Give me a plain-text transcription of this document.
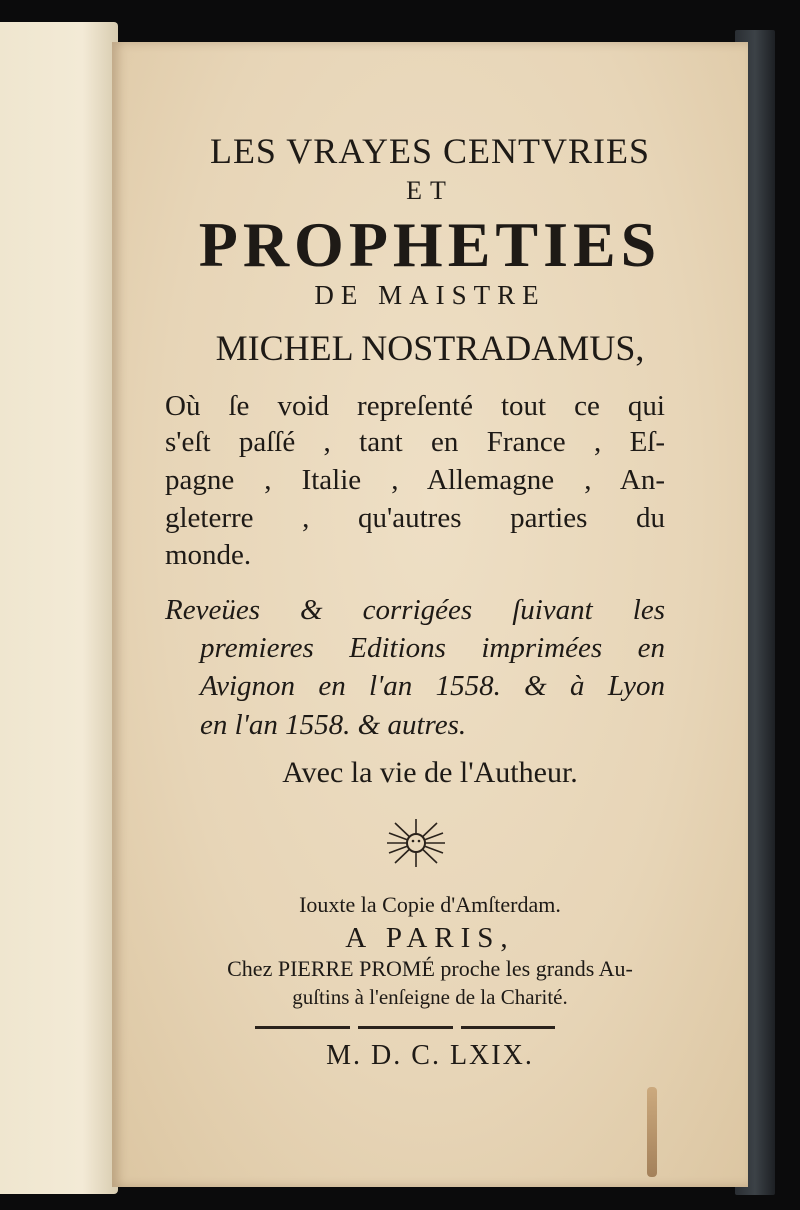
LES VRAYES CENTVRIES
ET
PROPHETIES
DE MAISTRE
MICHEL NOSTRADAMUS,
Où ſe void repreſenté tout ce qui
s'eſt paſſé , tant en France , Eſ-
pagne , Italie , Allemagne , An-
gleterre , qu'autres parties du
monde.
Reveües & corrigées ſuivant les
premieres Editions imprimées en
Avignon en l'an 1558. & à Lyon
en l'an 1558. & autres.
Avec la vie de l'Autheur.
Iouxte la Copie d'Amſterdam.
A PARIS,
Chez PIERRE PROMÉ proche les grands Au-
guſtins à l'enſeigne de la Charité.
M. D. C. LXIX.
